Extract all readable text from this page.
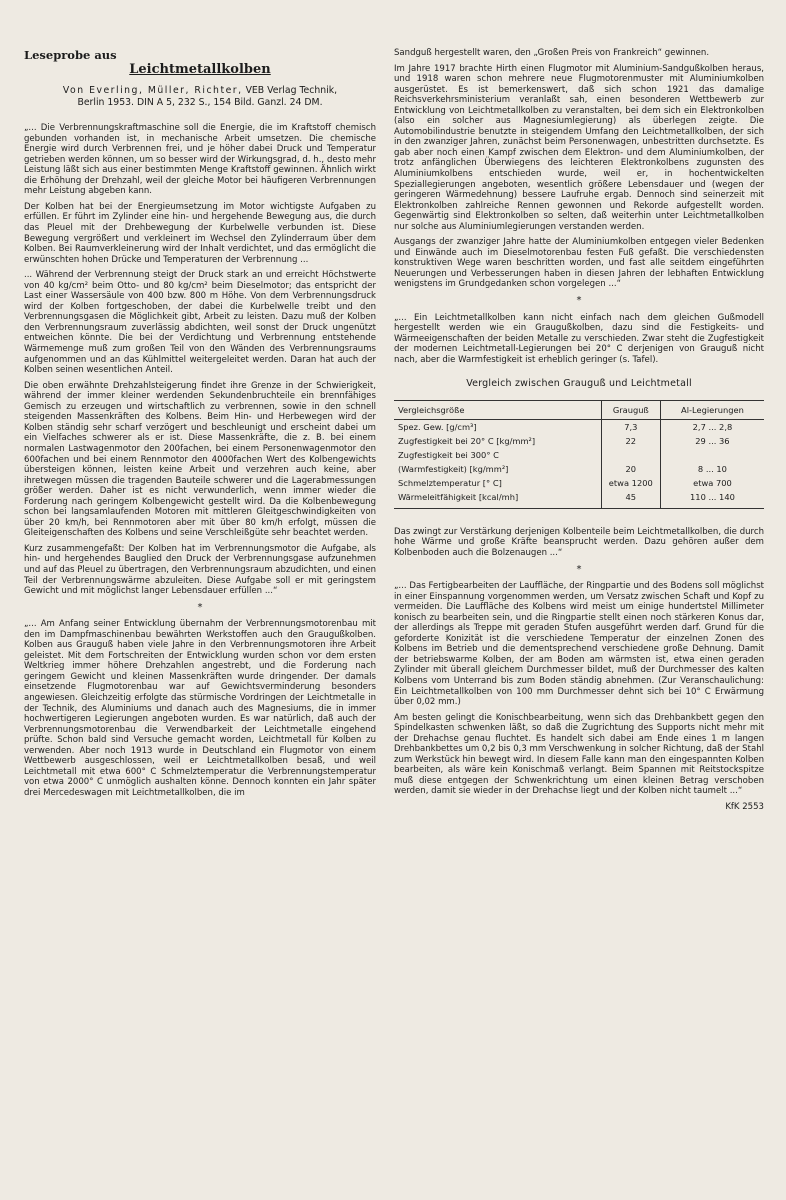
Leseprobe aus
Leichtmetallkolben
Von Everling, Müller, Richter, VEB Verlag Technik,
Berlin 1953. DIN A 5, 232 S., 154 Bild. Ganzl. 24 DM.

„... Die Verbrennungskraftmaschine soll die Energie, die im Kraftstoff chemisch gebunden vorhanden ist, in mechanische Arbeit umsetzen. Die chemische Energie wird durch Verbrennen frei, und je höher dabei Druck und Temperatur getrieben werden können, um so besser wird der Wirkungsgrad, d. h., desto mehr Leistung läßt sich aus einer bestimmten Menge Kraftstoff gewinnen. Ähnlich wirkt die Erhöhung der Drehzahl, weil der gleiche Motor bei häufigeren Verbrennungen mehr Leistung abgeben kann.

Der Kolben hat bei der Energieumsetzung im Motor wichtigste Aufgaben zu erfüllen. Er führt im Zylinder eine hin- und hergehende Bewegung aus, die durch das Pleuel mit der Drehbewegung der Kurbelwelle verbunden ist. Diese Bewegung vergrößert und verkleinert im Wechsel den Zylinderraum über dem Kolben. Bei Raumverkleinerung wird der Inhalt verdichtet, und das ermöglicht die erwünschten hohen Drücke und Temperaturen der Verbrennung ...

... Während der Verbrennung steigt der Druck stark an und erreicht Höchstwerte von 40 kg/cm² beim Otto- und 80 kg/cm² beim Dieselmotor; das entspricht der Last einer Wassersäule von 400 bzw. 800 m Höhe. Von dem Verbrennungsdruck wird der Kolben fortgeschoben, der dabei die Kurbelwelle treibt und den Verbrennungsgasen die Möglichkeit gibt, Arbeit zu leisten. Dazu muß der Kolben den Verbrennungsraum zuverlässig abdichten, weil sonst der Druck ungenützt entweichen könnte. Die bei der Verdichtung und Verbrennung entstehende Wärmemenge muß zum großen Teil von den Wänden des Verbrennungsraums aufgenommen und an das Kühlmittel weitergeleitet werden. Daran hat auch der Kolben seinen wesentlichen Anteil.

Die oben erwähnte Drehzahlsteigerung findet ihre Grenze in der Schwierigkeit, während der immer kleiner werdenden Sekundenbruchteile ein brennfähiges Gemisch zu erzeugen und wirtschaftlich zu verbrennen, sowie in den schnell steigenden Massenkräften des Kolbens. Beim Hin- und Herbewegen wird der Kolben ständig sehr scharf verzögert und beschleunigt und erscheint dabei um ein Vielfaches schwerer als er ist. Diese Massenkräfte, die z. B. bei einem normalen Lastwagenmotor den 200fachen, bei einem Personenwagenmotor den 600fachen und bei einem Rennmotor den 4000fachen Wert des Kolbengewichts übersteigen können, leisten keine Arbeit und verzehren auch keine, aber ihretwegen müssen die tragenden Bauteile schwerer und die Lagerabmessungen größer werden. Daher ist es nicht verwunderlich, wenn immer wieder die Forderung nach geringem Kolbengewicht gestellt wird. Da die Kolbenbewegung schon bei langsamlaufenden Motoren mit mittleren Gleitgeschwindigkeiten von über 20 km/h, bei Rennmotoren aber mit über 80 km/h erfolgt, müssen die Gleiteigenschaften des Kolbens und seine Verschleißgüte sehr beachtet werden.

Kurz zusammengefaßt: Der Kolben hat im Verbrennungsmotor die Aufgabe, als hin- und hergehendes Bauglied den Druck der Verbrennungsgase aufzunehmen und auf das Pleuel zu übertragen, den Verbrennungsraum abzudichten, und einen Teil der Verbrennungswärme abzuleiten. Diese Aufgabe soll er mit geringstem Gewicht und mit möglichst langer Lebensdauer erfüllen ...“

*

„... Am Anfang seiner Entwicklung übernahm der Verbrennungsmotorenbau mit den im Dampfmaschinenbau bewährten Werkstoffen auch den Graugußkolben. Kolben aus Grauguß haben viele Jahre in den Verbrennungsmotoren ihre Arbeit geleistet. Mit dem Fortschreiten der Entwicklung wurden schon vor dem ersten Weltkrieg immer höhere Drehzahlen angestrebt, und die Forderung nach geringem Gewicht und kleinen Massenkräften wurde dringender. Der damals einsetzende Flugmotorenbau war auf Gewichtsverminderung besonders angewiesen. Gleichzeitig erfolgte das stürmische Vordringen der Leichtmetalle in der Technik, des Aluminiums und danach auch des Magnesiums, die in immer hochwertigeren Legierungen angeboten wurden. Es war natürlich, daß auch der Verbrennungsmotorenbau die Verwendbarkeit der Leichtmetalle eingehend prüfte. Schon bald sind Versuche gemacht worden, Leichtmetall für Kolben zu verwenden. Aber noch 1913 wurde in Deutschland ein Flugmotor von einem Wettbewerb ausgeschlossen, weil er Leichtmetallkolben besaß, und weil Leichtmetall mit etwa 600° C Schmelztemperatur die Verbrennungstemperatur von etwa 2000° C unmöglich aushalten könne. Dennoch konnten ein Jahr später drei Mercedeswagen mit Leichtmetallkolben, die im

Sandguß hergestellt waren, den „Großen Preis von Frankreich“ gewinnen.

Im Jahre 1917 brachte Hirth einen Flugmotor mit Aluminium-Sandgußkolben heraus, und 1918 waren schon mehrere neue Flugmotorenmuster mit Aluminiumkolben ausgerüstet. Es ist bemerkenswert, daß sich schon 1921 das damalige Reichsverkehrsministerium veranlaßt sah, einen besonderen Wettbewerb zur Entwicklung von Leichtmetallkolben zu veranstalten, bei dem sich ein Elektronkolben (also ein solcher aus Magnesiumlegierung) als überlegen zeigte. Die Automobilindustrie benutzte in steigendem Umfang den Leichtmetallkolben, der sich in den zwanziger Jahren, zunächst beim Personenwagen, unbestritten durchsetzte. Es gab aber noch einen Kampf zwischen dem Elektron- und dem Aluminiumkolben, der trotz anfänglichen Überwiegens des leichteren Elektronkolbens zugunsten des Aluminiumkolbens entschieden wurde, weil er, in hochentwickelten Speziallegierungen angeboten, wesentlich größere Lebensdauer und (wegen der geringeren Wärmedehnung) bessere Laufruhe ergab. Dennoch sind seinerzeit mit Elektronkolben zahlreiche Rennen gewonnen und Rekorde aufgestellt worden. Gegenwärtig sind Elektronkolben so selten, daß weiterhin unter Leichtmetallkolben nur solche aus Aluminiumlegierungen verstanden werden.

Ausgangs der zwanziger Jahre hatte der Aluminiumkolben entgegen vieler Bedenken und Einwände auch im Dieselmotorenbau festen Fuß gefaßt. Die verschiedensten konstruktiven Wege waren beschritten worden, und fast alle seitdem eingeführten Neuerungen und Verbesserungen haben in diesen Jahren der lebhaften Entwicklung wenigstens im Grundgedanken schon vorgelegen ...“

*

„... Ein Leichtmetallkolben kann nicht einfach nach dem gleichen Gußmodell hergestellt werden wie ein Graugußkolben, dazu sind die Festigkeits- und Wärmeeigenschaften der beiden Metalle zu verschieden. Zwar steht die Zugfestigkeit der modernen Leichtmetall-Legierungen bei 20° C derjenigen von Grauguß nicht nach, aber die Warmfestigkeit ist erheblich geringer (s. Tafel).

Vergleich zwischen Grauguß und Leichtmetall
Vergleichsgröße	Grauguß	Al-Legierungen
Spez. Gew. [g/cm³]	7,3	2,7 ... 2,8
Zugfestigkeit bei 20° C [kg/mm²]	22	29 ... 36
Zugfestigkeit bei 300° C		
(Warmfestigkeit) [kg/mm²]	20	8 ... 10
Schmelztemperatur [° C]	etwa 1200	etwa 700
Wärmeleitfähigkeit [kcal/mh]	45	110 ... 140

Das zwingt zur Verstärkung derjenigen Kolbenteile beim Leichtmetallkolben, die durch hohe Wärme und große Kräfte beansprucht werden. Dazu gehören außer dem Kolbenboden auch die Bolzenaugen ...“

*

„... Das Fertigbearbeiten der Lauffläche, der Ringpartie und des Bodens soll möglichst in einer Einspannung vorgenommen werden, um Versatz zwischen Schaft und Kopf zu vermeiden. Die Lauffläche des Kolbens wird meist um einige hundertstel Millimeter konisch zu bearbeiten sein, und die Ringpartie stellt einen noch stärkeren Konus dar, der allerdings als Treppe mit geraden Stufen ausgeführt werden darf. Grund für die geforderte Konizität ist die verschiedene Temperatur der einzelnen Zonen des Kolbens im Betrieb und die dementsprechend verschiedene große Dehnung. Damit der betriebswarme Kolben, der am Boden am wärmsten ist, etwa einen geraden Zylinder mit überall gleichem Durchmesser bildet, muß der Durchmesser des kalten Kolbens vom Unterrand bis zum Boden ständig abnehmen. (Zur Veranschaulichung: Ein Leichtmetallkolben von 100 mm Durchmesser dehnt sich bei 10° C Erwärmung über 0,02 mm.)

Am besten gelingt die Konischbearbeitung, wenn sich das Drehbankbett gegen den Spindelkasten schwenken läßt, so daß die Zugrichtung des Supports nicht mehr mit der Drehachse genau fluchtet. Es handelt sich dabei am Ende eines 1 m langen Drehbankbettes um 0,2 bis 0,3 mm Verschwenkung in solcher Richtung, daß der Stahl zum Werkstück hin bewegt wird. In diesem Falle kann man den eingespannten Kolben bearbeiten, als wäre kein Konischmaß verlangt. Beim Spannen mit Reitstockspitze muß diese entgegen der Schwenkrichtung um einen kleinen Betrag verschoben werden, damit sie wieder in der Drehachse liegt und der Kolben nicht taumelt ...“

KfK 2553
